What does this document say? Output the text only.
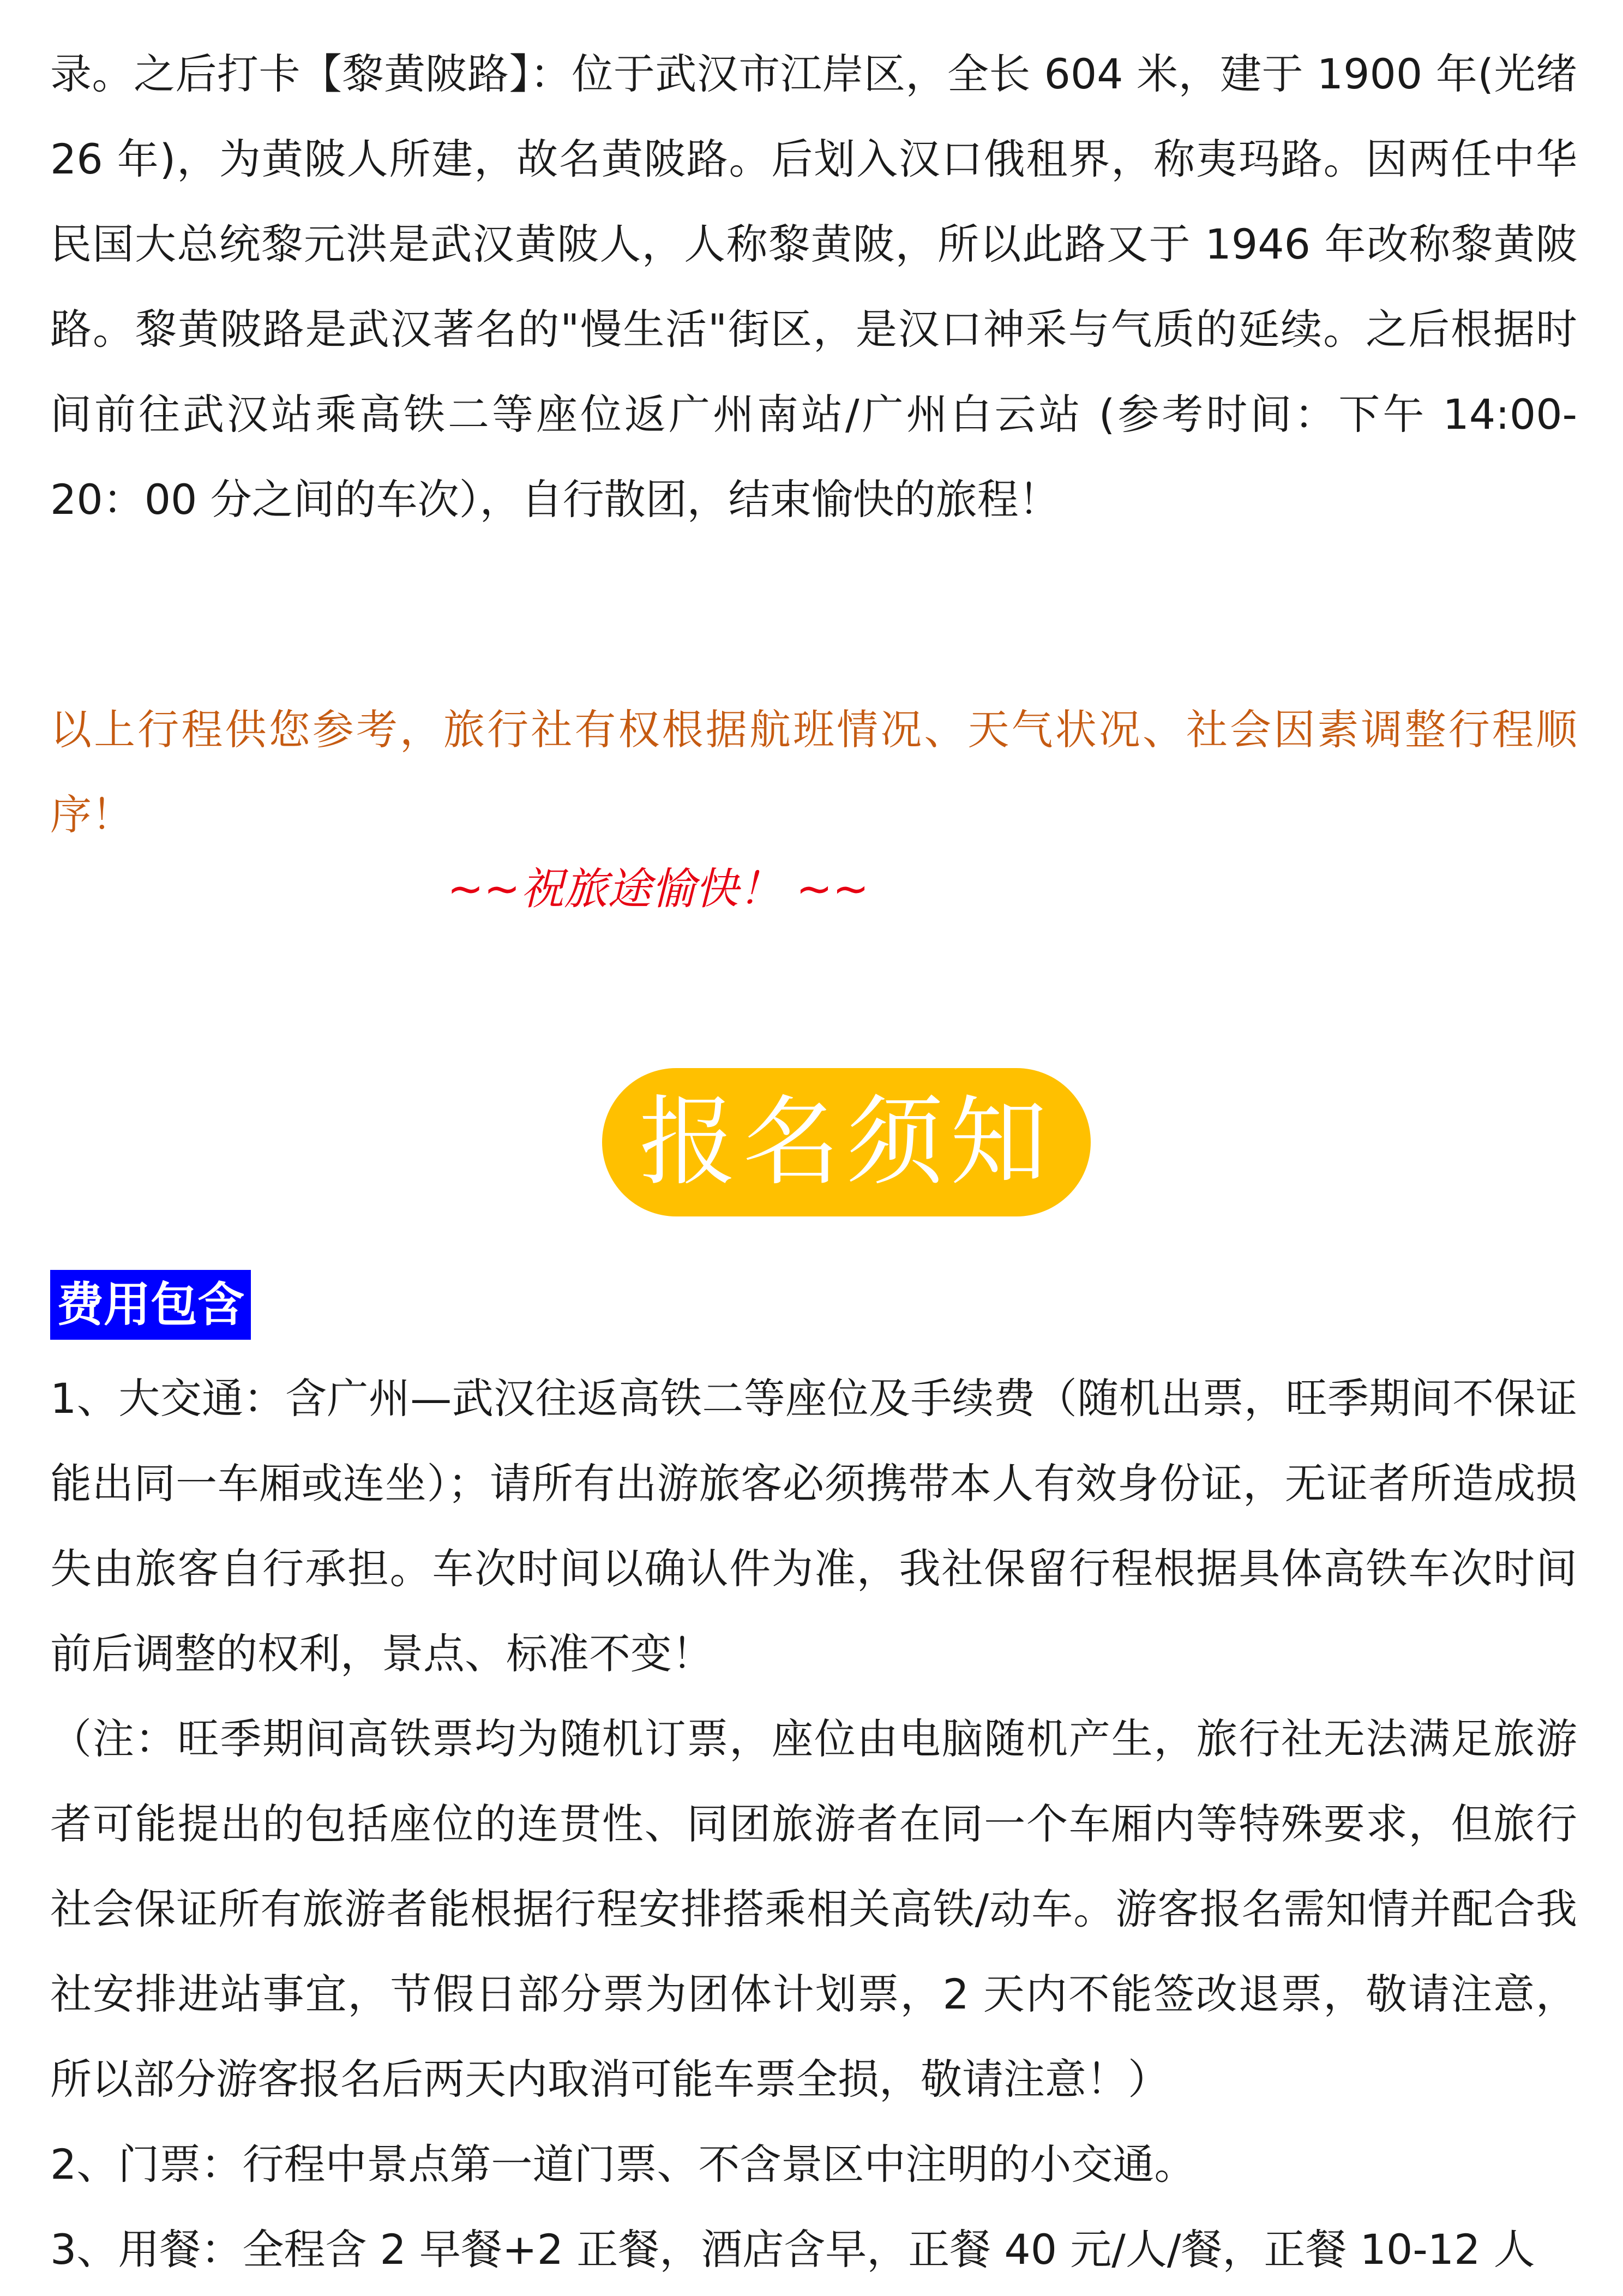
录。之后打卡【黎黄陂路】：位于武汉市江岸区，全长 604 米，建于 1900 年(光绪 26 年)，为黄陂人所建，故名黄陂路。后划入汉口俄租界，称夷玛路。因两任中华民国大总统黎元洪是武汉黄陂人，人称黎黄陂，所以此路又于 1946 年改称黎黄陂路。黎黄陂路是武汉著名的"慢生活"街区，是汉口神采与气质的延续。之后根据时间前往武汉站乘高铁二等座位返广州南站/广州白云站 (参考时间：下午 14:00-20：00 分之间的车次），自行散团，结束愉快的旅程！

以上行程供您参考，旅行社有权根据航班情况、天气状况、社会因素调整行程顺序！

~~祝旅途愉快！ ~~

报名须知
费用包含

1、大交通：含广州—武汉往返高铁二等座位及手续费（随机出票，旺季期间不保证能出同一车厢或连坐）；请所有出游旅客必须携带本人有效身份证，无证者所造成损失由旅客自行承担。车次时间以确认件为准，我社保留行程根据具体高铁车次时间前后调整的权利，景点、标准不变！

（注：旺季期间高铁票均为随机订票，座位由电脑随机产生，旅行社无法满足旅游者可能提出的包括座位的连贯性、同团旅游者在同一个车厢内等特殊要求，但旅行社会保证所有旅游者能根据行程安排搭乘相关高铁/动车。游客报名需知情并配合我社安排进站事宜，节假日部分票为团体计划票，2 天内不能签改退票，敬请注意，所以部分游客报名后两天内取消可能车票全损，敬请注意！）

2、门票：行程中景点第一道门票、不含景区中注明的小交通。

3、用餐：全程含 2 早餐+2 正餐，酒店含早，正餐 40 元/人/餐，正餐 10-12 人
